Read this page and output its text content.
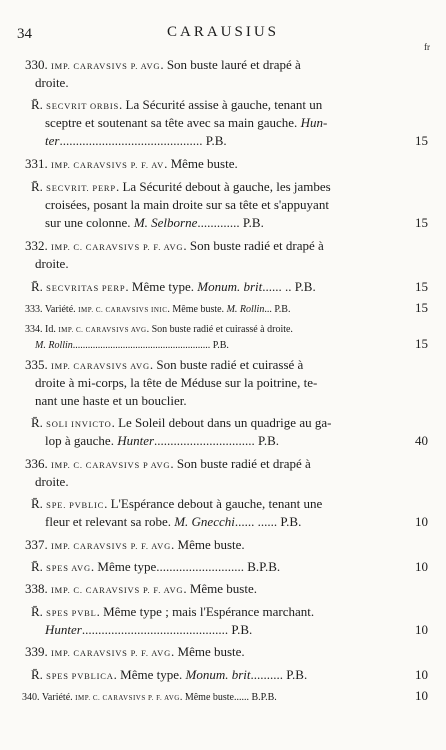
34	CARAUSIUS
fr
330. IMP. CARAVSIVS P. AVG. Son buste lauré et drapé à
droite.
R̄. SECVRIT ORBIS. La Sécurité assise à gauche, tenant un
sceptre et soutenant sa tête avec sa main gauche. Hun-
ter............................................ P.B.	15
331. IMP. CARAVSIVS P. F. AV. Même buste.
R̄. SECVRIT. PERP. La Sécurité debout à gauche, les jambes
croisées, posant la main droite sur sa tête et s'appuyant
sur une colonne. M. Selborne............. P.B.	15
332. IMP. C. CARAVSIVS P. F. AVG. Son buste radié et drapé à
droite.
R̄. SECVRITAS PERP. Même type. Monum. brit...... .. P.B.	15
333. Variété. IMP. C. CARAVSIVS INIC. Même buste. M. Rollin... P.B.	15
334. Id. IMP. C. CARAVSIVS AVG. Son buste radié et cuirassé à droite.
M. Rollin....................................................... P.B.	15
335. IMP. CARAVSIVS AVG. Son buste radié et cuirassé à
droite à mi-corps, la tête de Méduse sur la poitrine, te-
nant une haste et un bouclier.
R̄. SOLI INVICTO. Le Soleil debout dans un quadrige au ga-
lop à gauche. Hunter............................... P.B.	40
336. IMP. C. CARAVSIVS P AVG. Son buste radié et drapé à
droite.
R̄. SPE. PVBLIC. L'Espérance debout à gauche, tenant une
fleur et relevant sa robe. M. Gnecchi...... ...... P.B.	10
337. IMP. CARAVSIVS P. F. AVG. Même buste.
R̄. SPES AVG. Même type........................... B.P.B.	10
338. IMP. C. CARAVSIVS P. F. AVG. Même buste.
R̄. SPES PVBL. Même type ; mais l'Espérance marchant.
Hunter............................................. P.B.	10
339. IMP. CARAVSIVS P. F. AVG. Même buste.
R̄. SPES PVBLICA. Même type. Monum. brit.......... P.B.	10
340. Variété. IMP. C. CARAVSIVS P. F. AVG. Même buste...... B.P.B.	10
